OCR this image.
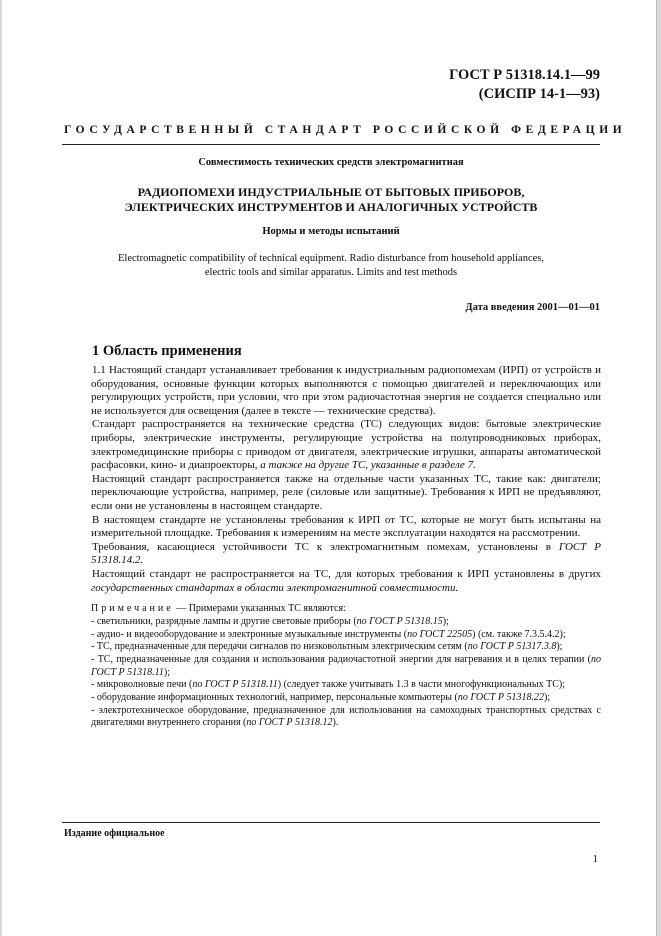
ГОСТ Р 51318.14.1—99
(СИСПР 14-1—93)
ГОСУДАРСТВЕННЫЙ СТАНДАРТ РОССИЙСКОЙ ФЕДЕРАЦИИ
Совместимость технических средств электромагнитная
РАДИОПОМЕХИ ИНДУСТРИАЛЬНЫЕ ОТ БЫТОВЫХ ПРИБОРОВ,
ЭЛЕКТРИЧЕСКИХ ИНСТРУМЕНТОВ И АНАЛОГИЧНЫХ УСТРОЙСТВ
Нормы и методы испытаний
Electromagnetic compatibility of technical equipment. Radio disturbance from household appliances,
electric tools and similar apparatus. Limits and test methods
Дата введения 2001—01—01
1 Область применения

1.1 Настоящий стандарт устанавливает требования к индустриальным радиопомехам (ИРП) от устройств и оборудования, основные функции которых выполняются с помощью двигателей и переключающих или регулирующих устройств, при условии, что при этом радиочастотная энергия не создается специально или не используется для освещения (далее в тексте — технические средства).

Стандарт распространяется на технические средства (ТС) следующих видов: бытовые электрические приборы, электрические инструменты, регулирующие устройства на полупроводниковых приборах, электромедицинские приборы с приводом от двигателя, электрические игрушки, аппараты автоматической расфасовки, кино- и диапроекторы, а также на другие ТС, указанные в разделе 7.

Настоящий стандарт распространяется также на отдельные части указанных ТС, такие как: двигатели; переключающие устройства, например, реле (силовые или защитные). Требования к ИРП не предъявляют, если они не установлены в настоящем стандарте.

В настоящем стандарте не установлены требования к ИРП от ТС, которые не могут быть испытаны на измерительной площадке. Требования к измерениям на месте эксплуатации находятся на рассмотрении.

Требования, касающиеся устойчивости ТС к электромагнитным помехам, установлены в ГОСТ Р 51318.14.2.

Настоящий стандарт не распространяется на ТС, для которых требования к ИРП установлены в других государственных стандартах в области электромагнитной совместимости.

Примечание — Примерами указанных ТС являются:
- светильники, разрядные лампы и другие световые приборы (по ГОСТ Р 51318.15);
- аудио- и видеооборудование и электронные музыкальные инструменты (по ГОСТ 22505) (см. также 7.3.5.4.2);
- ТС, предназначенные для передачи сигналов по низковольтным электрическим сетям (по ГОСТ Р 51317.3.8);
- ТС, предназначенные для создания и использования радиочастотной энергии для нагревания и в целях терапии (по ГОСТ Р 51318.11);
- микроволновые печи (по ГОСТ Р 51318.11) (следует также учитывать 1.3 в части многофункциональных ТС);
- оборудование информационных технологий, например, персональные компьютеры (по ГОСТ Р 51318.22);
- электротехническое оборудование, предназначенное для использования на самоходных транспортных средствах с двигателями внутреннего сгорания (по ГОСТ Р 51318.12).
Издание официальное
1
